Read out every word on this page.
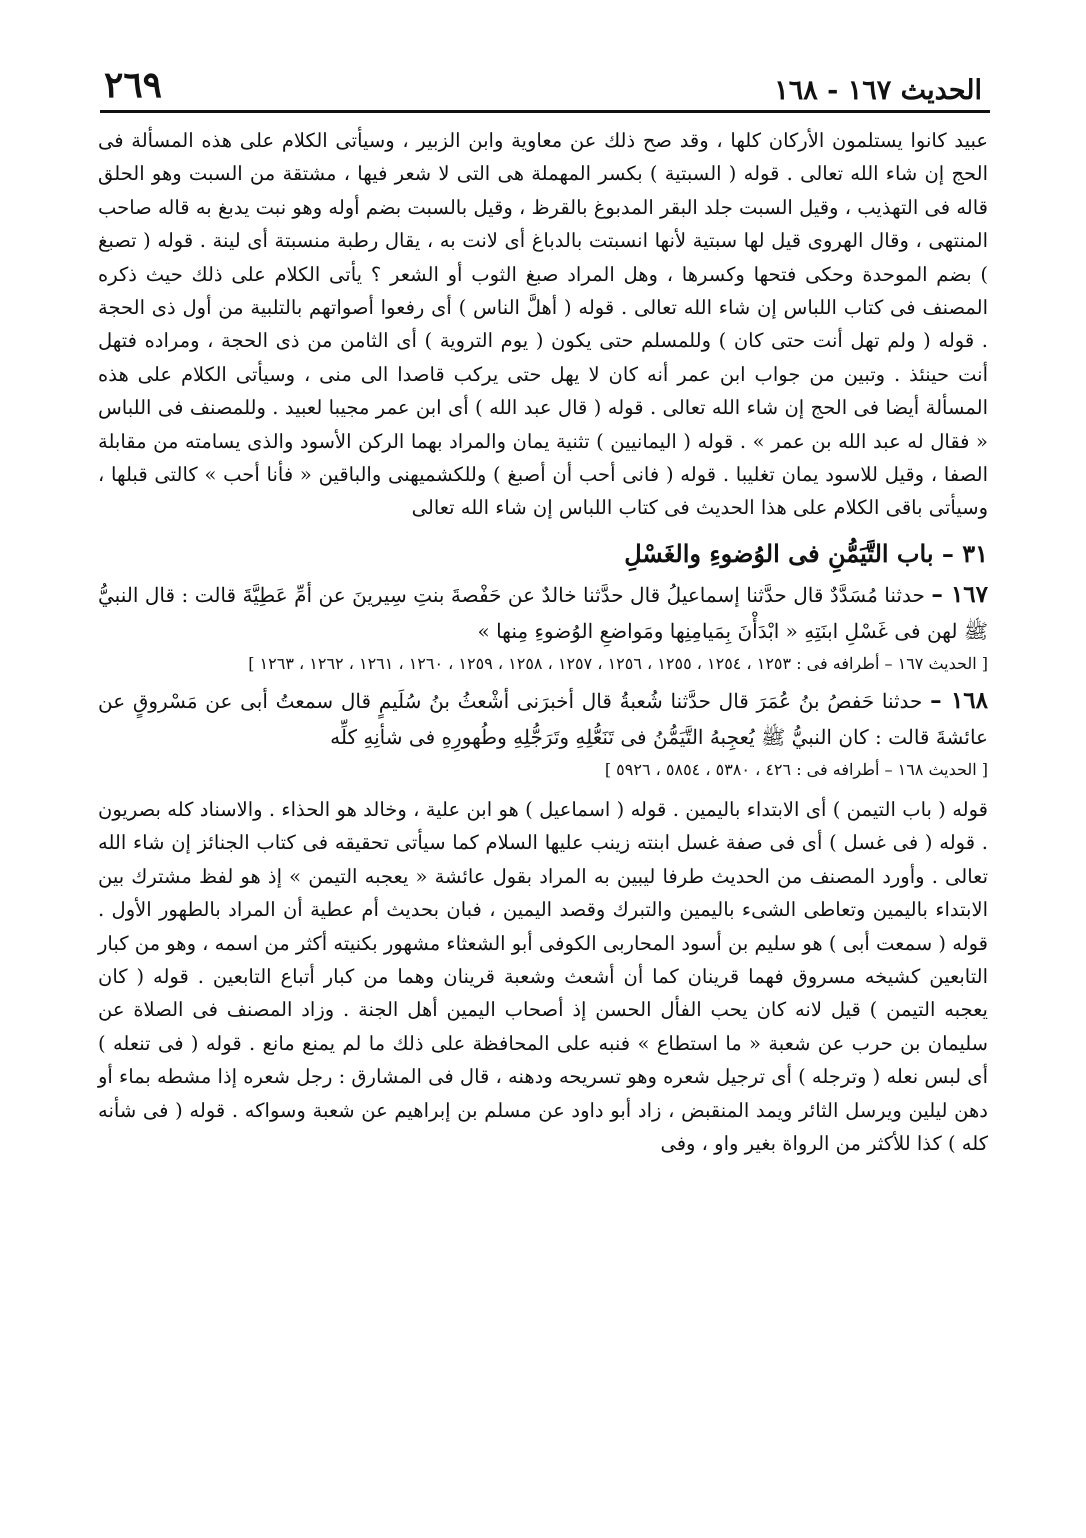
الحديث ١٦٧ - ١٦٨
٢٦٩

عبيد كانوا يستلمون الأركان كلها ، وقد صح ذلك عن معاوية وابن الزبير ، وسيأتى الكلام على هذه المسألة فى الحج إن شاء الله تعالى . قوله ( السبتية ) بكسر المهملة هى التى لا شعر فيها ، مشتقة من السبت وهو الحلق قاله فى التهذيب ، وقيل السبت جلد البقر المدبوغ بالقرظ ، وقيل بالسبت بضم أوله وهو نبت يدبغ به قاله صاحب المنتهى ، وقال الهروى قيل لها سبتية لأنها انسبتت بالدباغ أى لانت به ، يقال رطبة منسبتة أى لينة . قوله ( تصبغ ) بضم الموحدة وحكى فتحها وكسرها ، وهل المراد صبغ الثوب أو الشعر ؟ يأتى الكلام على ذلك حيث ذكره المصنف فى كتاب اللباس إن شاء الله تعالى . قوله ( أهلَّ الناس ) أى رفعوا أصواتهم بالتلبية من أول ذى الحجة . قوله ( ولم تهل أنت حتى كان ) وللمسلم حتى يكون ( يوم التروية ) أى الثامن من ذى الحجة ، ومراده فتهل أنت حينئذ . وتبين من جواب ابن عمر أنه كان لا يهل حتى يركب قاصدا الى منى ، وسيأتى الكلام على هذه المسألة أيضا فى الحج إن شاء الله تعالى . قوله ( قال عبد الله ) أى ابن عمر مجيبا لعبيد . وللمصنف فى اللباس « فقال له عبد الله بن عمر » . قوله ( اليمانيين ) تثنية يمان والمراد بهما الركن الأسود والذى يسامته من مقابلة الصفا ، وقيل للاسود يمان تغليبا . قوله ( فانى أحب أن أصبغ ) وللكشميهنى والباقين « فأنا أحب » كالتى قبلها ، وسيأتى باقى الكلام على هذا الحديث فى كتاب اللباس إن شاء الله تعالى

٣١ – باب التَّيَمُّنِ فى الوُضوءِ والغَسْلِ

١٦٧ – حدثنا مُسَدَّدٌ قال حدَّثنا إسماعيلُ قال حدَّثنا خالدٌ عن حَفْصةَ بنتِ سِيرينَ عن أمِّ عَطِيَّةَ قالت : قال النبيُّ ﷺ لهن فى غَسْلِ ابنَتِهِ « ابْدَأْنَ بِمَيامِنِها ومَواضعِ الوُضوءِ مِنها »

[ الحديث ١٦٧ – أطرافه فى : ١٢٥٣ ، ١٢٥٤ ، ١٢٥٥ ، ١٢٥٦ ، ١٢٥٧ ، ١٢٥٨ ، ١٢٥٩ ، ١٢٦٠ ، ١٢٦١ ، ١٢٦٢ ، ١٢٦٣ ]

١٦٨ – حدثنا حَفصُ بنُ عُمَرَ قال حدَّثنا شُعبةُ قال أخبرَنى أشْعثُ بنُ سُلَيمٍ قال سمعتُ أبى عن مَسْروقٍ عن عائشةَ قالت : كان النبيُّ ﷺ يُعجِبهُ التَّيَمُّنُ فى تَنَعُّلِهِ وتَرَجُّلِهِ وطُهورِهِ فى شأنِهِ كلِّه

[ الحديث ١٦٨ – أطرافه فى : ٤٢٦ ، ٥٣٨٠ ، ٥٨٥٤ ، ٥٩٢٦ ]

قوله ( باب التيمن ) أى الابتداء باليمين . قوله ( اسماعيل ) هو ابن علية ، وخالد هو الحذاء . والاسناد كله بصريون . قوله ( فى غسل ) أى فى صفة غسل ابنته زينب عليها السلام كما سيأتى تحقيقه فى كتاب الجنائز إن شاء الله تعالى . وأورد المصنف من الحديث طرفا ليبين به المراد بقول عائشة « يعجبه التيمن » إذ هو لفظ مشترك بين الابتداء باليمين وتعاطى الشىء باليمين والتبرك وقصد اليمين ، فبان بحديث أم عطية أن المراد بالطهور الأول . قوله ( سمعت أبى ) هو سليم بن أسود المحاربى الكوفى أبو الشعثاء مشهور بكنيته أكثر من اسمه ، وهو من كبار التابعين كشيخه مسروق فهما قرينان كما أن أشعث وشعبة قرينان وهما من كبار أتباع التابعين . قوله ( كان يعجبه التيمن ) قيل لانه كان يحب الفأل الحسن إذ أصحاب اليمين أهل الجنة . وزاد المصنف فى الصلاة عن سليمان بن حرب عن شعبة « ما استطاع » فنبه على المحافظة على ذلك ما لم يمنع مانع . قوله ( فى تنعله ) أى لبس نعله ( وترجله ) أى ترجيل شعره وهو تسريحه ودهنه ، قال فى المشارق : رجل شعره إذا مشطه بماء أو دهن ليلين ويرسل الثائر ويمد المنقبض ، زاد أبو داود عن مسلم بن إبراهيم عن شعبة وسواكه . قوله ( فى شأنه كله ) كذا للأكثر من الرواة بغير واو ، وفى
